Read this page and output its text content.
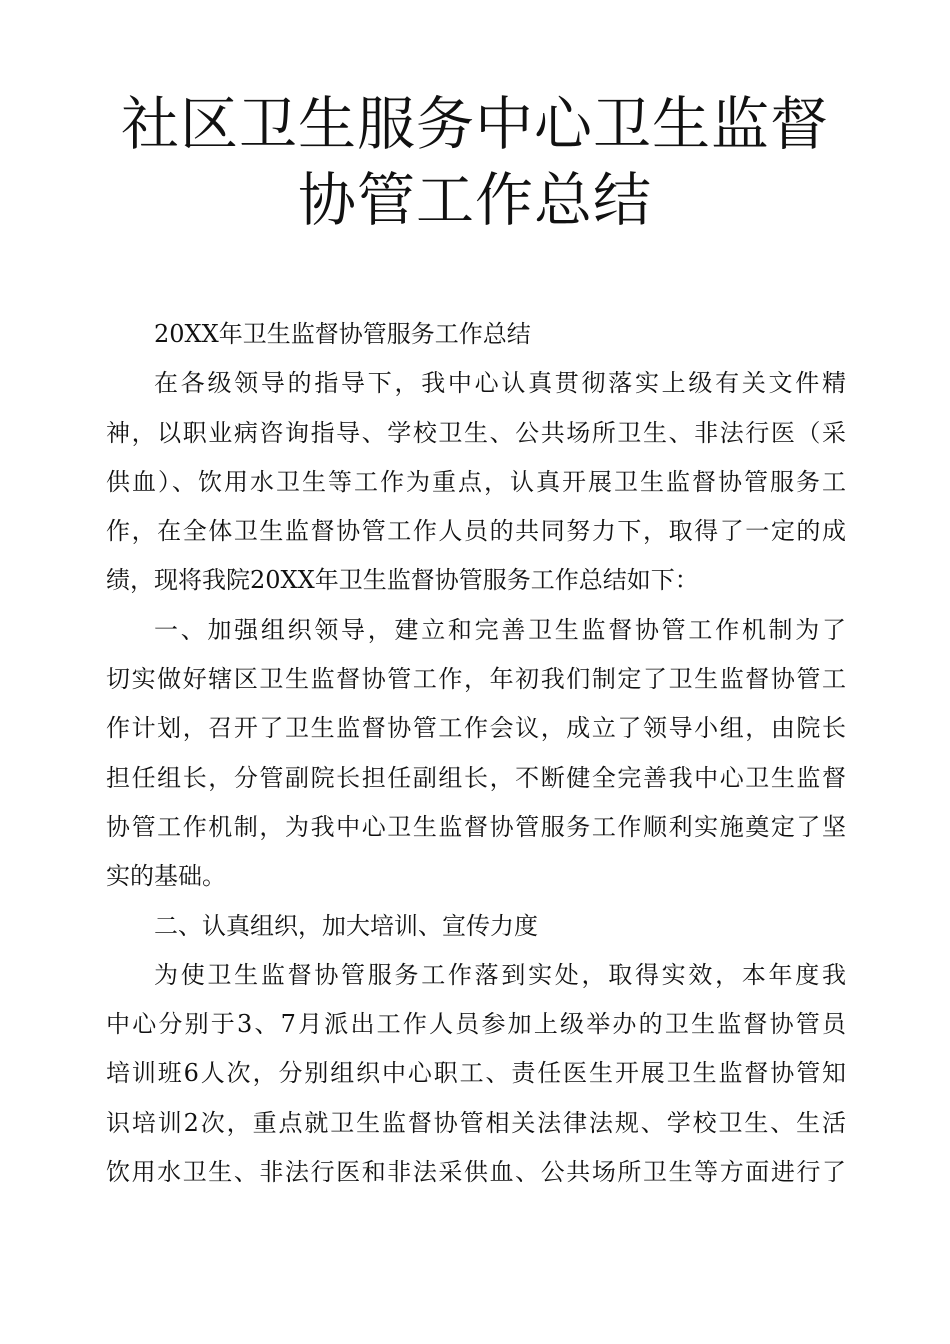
社区卫生服务中心卫生监督
协管工作总结
20XX年卫生监督协管服务工作总结
在各级领导的指导下，我中心认真贯彻落实上级有关文件精
神，以职业病咨询指导、学校卫生、公共场所卫生、非法行医（采
供血）、饮用水卫生等工作为重点，认真开展卫生监督协管服务工
作，在全体卫生监督协管工作人员的共同努力下，取得了一定的成
绩，现将我院20XX年卫生监督协管服务工作总结如下：
一、加强组织领导，建立和完善卫生监督协管工作机制为了
切实做好辖区卫生监督协管工作，年初我们制定了卫生监督协管工
作计划，召开了卫生监督协管工作会议，成立了领导小组，由院长
担任组长，分管副院长担任副组长，不断健全完善我中心卫生监督
协管工作机制，为我中心卫生监督协管服务工作顺利实施奠定了坚
实的基础。
二、认真组织，加大培训、宣传力度
为使卫生监督协管服务工作落到实处，取得实效，本年度我
中心分别于3、7月派出工作人员参加上级举办的卫生监督协管员
培训班6人次，分别组织中心职工、责任医生开展卫生监督协管知
识培训2次，重点就卫生监督协管相关法律法规、学校卫生、生活
饮用水卫生、非法行医和非法采供血、公共场所卫生等方面进行了
